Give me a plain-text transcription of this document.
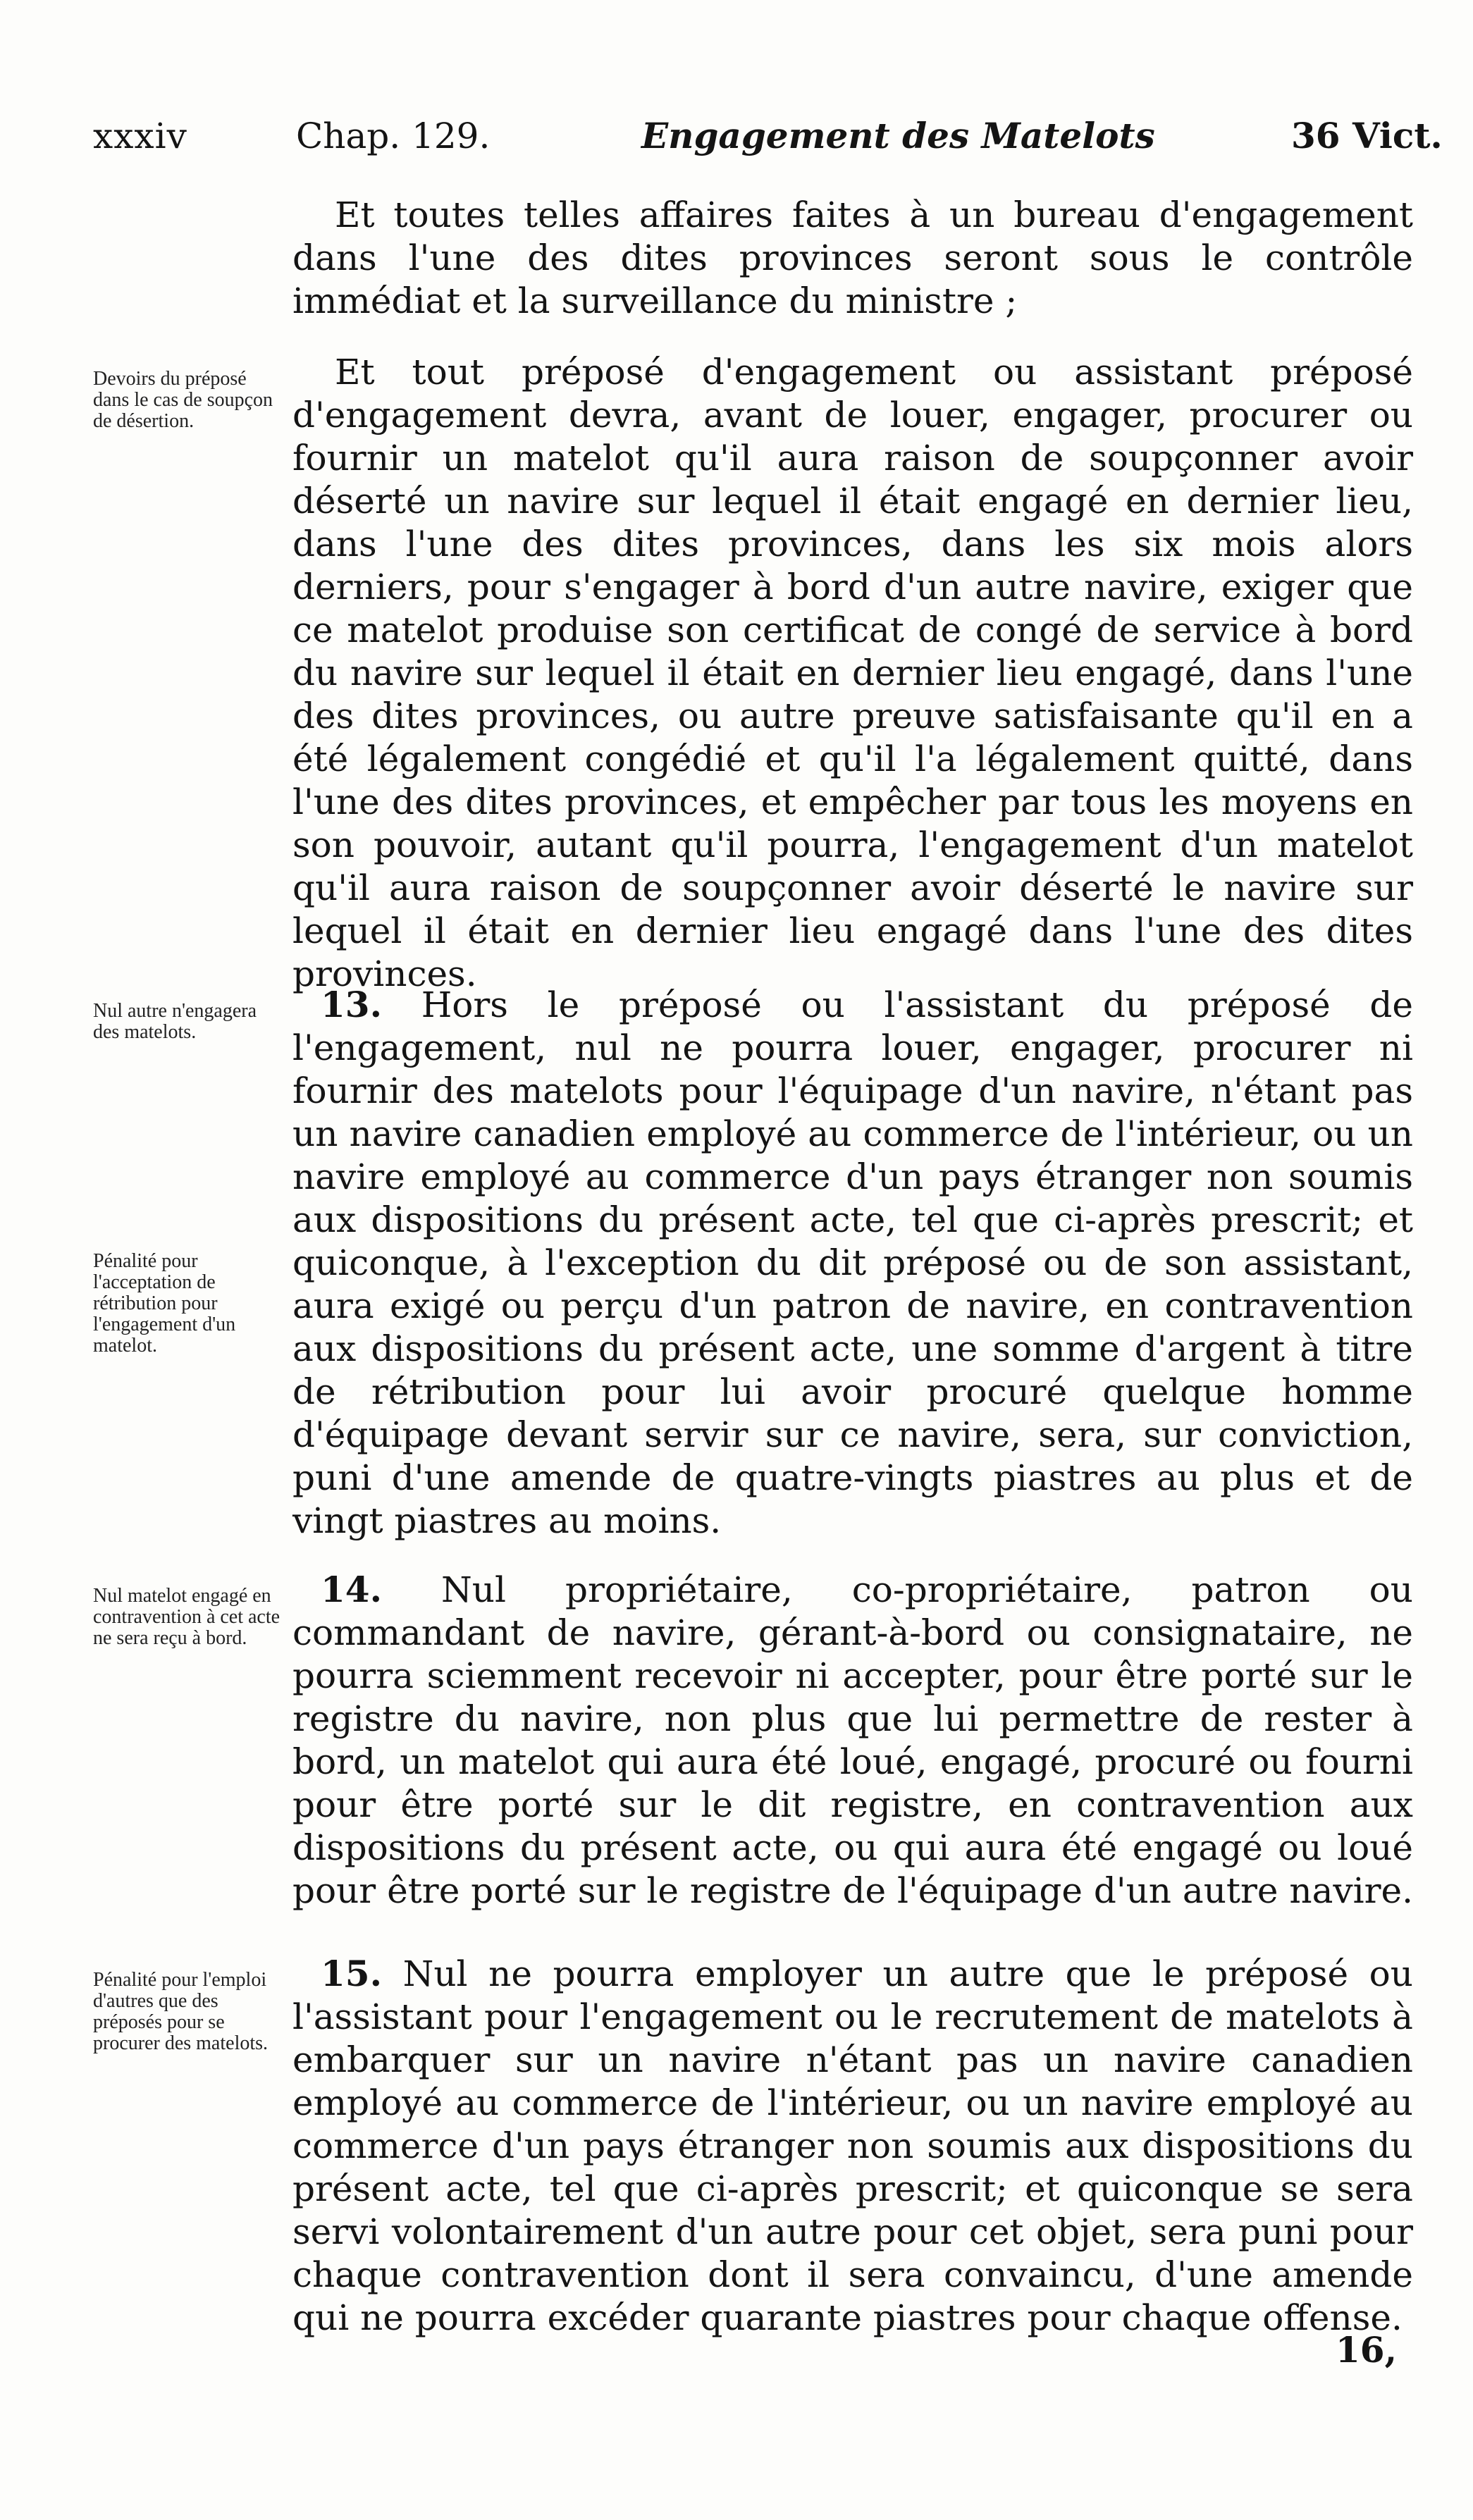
xxxiv	Chap. 129.	Engagement des Matelots	36 Vict.

Et toutes telles affaires faites à un bureau d'engagement dans l'une des dites provinces seront sous le contrôle immédiat et la surveillance du ministre ;

Devoirs du préposé dans le cas de soupçon de désertion.

Et tout préposé d'engagement ou assistant préposé d'engagement devra, avant de louer, engager, procurer ou fournir un matelot qu'il aura raison de soupçonner avoir déserté un navire sur lequel il était engagé en dernier lieu, dans l'une des dites provinces, dans les six mois alors derniers, pour s'engager à bord d'un autre navire, exiger que ce matelot produise son certificat de congé de service à bord du navire sur lequel il était en dernier lieu engagé, dans l'une des dites provinces, ou autre preuve satisfaisante qu'il en a été légalement congédié et qu'il l'a légalement quitté, dans l'une des dites provinces, et empêcher par tous les moyens en son pouvoir, autant qu'il pourra, l'engagement d'un matelot qu'il aura raison de soupçonner avoir déserté le navire sur lequel il était en dernier lieu engagé dans l'une des dites provinces.

Nul autre n'engagera des matelots.

Pénalité pour l'acceptation de rétribution pour l'engagement d'un matelot.

13. Hors le préposé ou l'assistant du préposé de l'engagement, nul ne pourra louer, engager, procurer ni fournir des matelots pour l'équipage d'un navire, n'étant pas un navire canadien employé au commerce de l'intérieur, ou un navire employé au commerce d'un pays étranger non soumis aux dispositions du présent acte, tel que ci-après prescrit; et quiconque, à l'exception du dit préposé ou de son assistant, aura exigé ou perçu d'un patron de navire, en contravention aux dispositions du présent acte, une somme d'argent à titre de rétribution pour lui avoir procuré quelque homme d'équipage devant servir sur ce navire, sera, sur conviction, puni d'une amende de quatre-vingts piastres au plus et de vingt piastres au moins.

Nul matelot engagé en contravention à cet acte ne sera reçu à bord.

14. Nul propriétaire, co-propriétaire, patron ou commandant de navire, gérant-à-bord ou consignataire, ne pourra sciemment recevoir ni accepter, pour être porté sur le registre du navire, non plus que lui permettre de rester à bord, un matelot qui aura été loué, engagé, procuré ou fourni pour être porté sur le dit registre, en contravention aux dispositions du présent acte, ou qui aura été engagé ou loué pour être porté sur le registre de l'équipage d'un autre navire.

Pénalité pour l'emploi d'autres que des préposés pour se procurer des matelots.

15. Nul ne pourra employer un autre que le préposé ou l'assistant pour l'engagement ou le recrutement de matelots à embarquer sur un navire n'étant pas un navire canadien employé au commerce de l'intérieur, ou un navire employé au commerce d'un pays étranger non soumis aux dispositions du présent acte, tel que ci-après prescrit; et quiconque se sera servi volontairement d'un autre pour cet objet, sera puni pour chaque contravention dont il sera convaincu, d'une amende qui ne pourra excéder quarante piastres pour chaque offense.

16,
